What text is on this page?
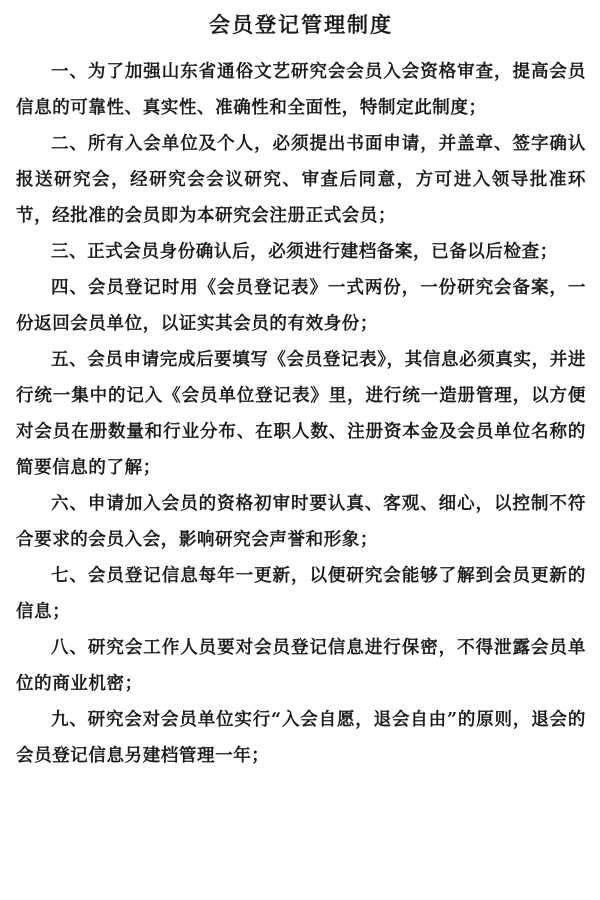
会员登记管理制度

一、为了加强山东省通俗文艺研究会会员入会资格审查，提高会员信息的可靠性、真实性、准确性和全面性，特制定此制度；

二、所有入会单位及个人，必须提出书面申请，并盖章、签字确认报送研究会，经研究会会议研究、审查后同意，方可进入领导批准环节，经批准的会员即为本研究会注册正式会员；

三、正式会员身份确认后，必须进行建档备案，已备以后检查；

四、会员登记时用《会员登记表》一式两份，一份研究会备案，一份返回会员单位，以证实其会员的有效身份；

五、会员申请完成后要填写《会员登记表》，其信息必须真实，并进行统一集中的记入《会员单位登记表》里，进行统一造册管理，以方便对会员在册数量和行业分布、在职人数、注册资本金及会员单位名称的简要信息的了解；

六、申请加入会员的资格初审时要认真、客观、细心，以控制不符合要求的会员入会，影响研究会声誉和形象；

七、会员登记信息每年一更新，以便研究会能够了解到会员更新的信息；

八、研究会工作人员要对会员登记信息进行保密，不得泄露会员单位的商业机密；

九、研究会对会员单位实行“入会自愿，退会自由”的原则，退会的会员登记信息另建档管理一年；
